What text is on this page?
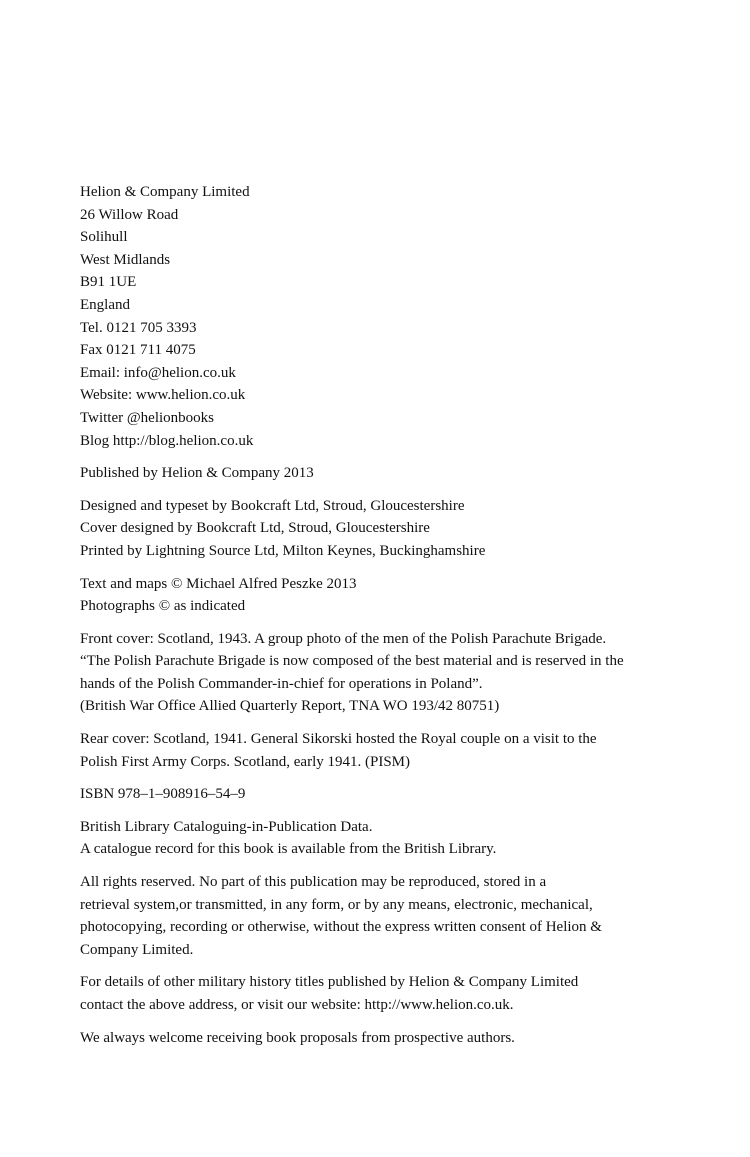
Helion & Company Limited
26 Willow Road
Solihull
West Midlands
B91 1UE
England
Tel. 0121 705 3393
Fax 0121 711 4075
Email: info@helion.co.uk
Website: www.helion.co.uk
Twitter @helionbooks
Blog http://blog.helion.co.uk
Published by Helion & Company 2013
Designed and typeset by Bookcraft Ltd, Stroud, Gloucestershire
Cover designed by Bookcraft Ltd, Stroud, Gloucestershire
Printed by Lightning Source Ltd, Milton Keynes, Buckinghamshire
Text and maps © Michael Alfred Peszke 2013
Photographs © as indicated
Front cover: Scotland, 1943. A group photo of the men of the Polish Parachute Brigade.
“The Polish Parachute Brigade is now composed of the best material and is reserved in the
hands of the Polish Commander-in-chief for operations in Poland”.
(British War Office Allied Quarterly Report, TNA WO 193/42 80751)
Rear cover: Scotland, 1941. General Sikorski hosted the Royal couple on a visit to the
Polish First Army Corps. Scotland, early 1941. (PISM)
ISBN 978–1–908916–54–9
British Library Cataloguing-in-Publication Data.
A catalogue record for this book is available from the British Library.
All rights reserved. No part of this publication may be reproduced, stored in a
retrieval system,or transmitted, in any form, or by any means, electronic, mechanical,
photocopying, recording or otherwise, without the express written consent of Helion &
Company Limited.
For details of other military history titles published by Helion & Company Limited
contact the above address, or visit our website: http://www.helion.co.uk.
We always welcome receiving book proposals from prospective authors.
